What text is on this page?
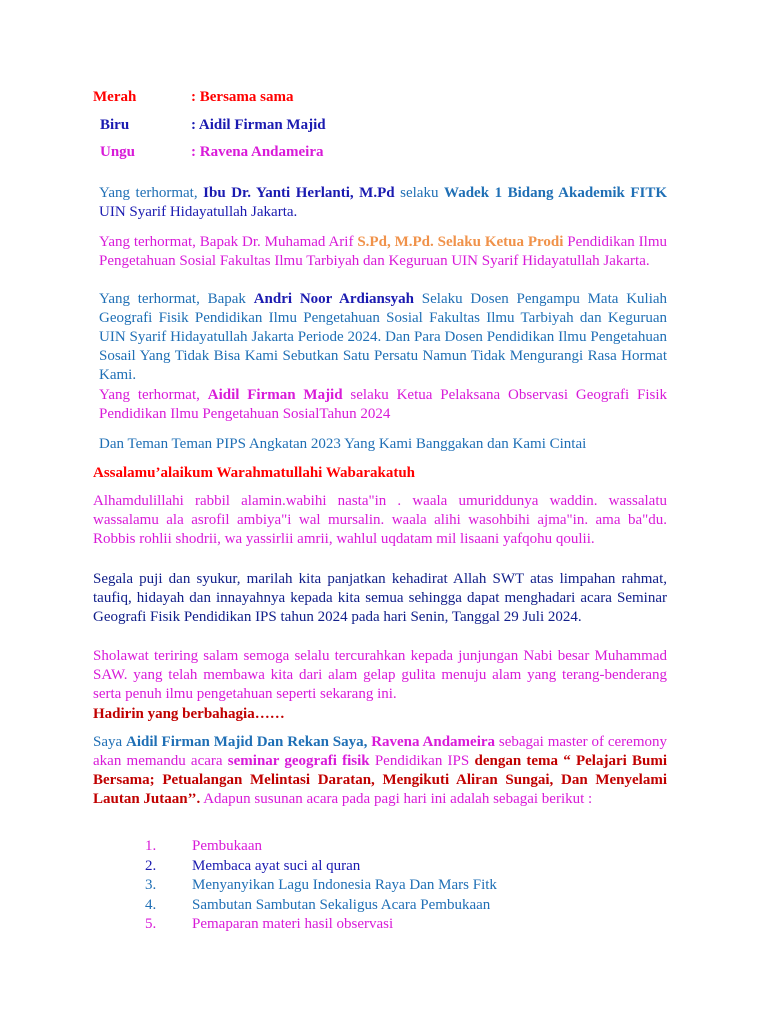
Merah	: Bersama sama
Biru	: Aidil Firman Majid
Ungu	: Ravena Andameira
Yang terhormat, Ibu Dr. Yanti Herlanti, M.Pd selaku Wadek 1 Bidang Akademik FITK UIN Syarif Hidayatullah Jakarta.
Yang terhormat, Bapak Dr. Muhamad Arif S.Pd, M.Pd. Selaku Ketua Prodi Pendidikan Ilmu Pengetahuan Sosial Fakultas Ilmu Tarbiyah dan Keguruan UIN Syarif Hidayatullah Jakarta.
Yang terhormat, Bapak Andri Noor Ardiansyah Selaku Dosen Pengampu Mata Kuliah Geografi Fisik Pendidikan Ilmu Pengetahuan Sosial Fakultas Ilmu Tarbiyah dan Keguruan UIN Syarif Hidayatullah Jakarta Periode 2024. Dan Para Dosen Pendidikan Ilmu Pengetahuan Sosail Yang Tidak Bisa Kami Sebutkan Satu Persatu Namun Tidak Mengurangi Rasa Hormat Kami.
Yang terhormat, Aidil Firman Majid selaku Ketua Pelaksana Observasi Geografi Fisik Pendidikan Ilmu Pengetahuan SosialTahun 2024
Dan Teman Teman PIPS Angkatan 2023 Yang Kami Banggakan dan Kami Cintai
Assalamu’alaikum Warahmatullahi Wabarakatuh
Alhamdulillahi rabbil alamin.wabihi nasta"in . waala umuriddunya waddin. wassalatu wassalamu ala asrofil ambiya"i wal mursalin. waala alihi wasohbihi ajma"in. ama ba"du. Robbis rohlii shodrii, wa yassirlii amrii, wahlul uqdatam mil lisaani yafqohu qoulii.
Segala puji dan syukur, marilah kita panjatkan kehadirat Allah SWT atas limpahan rahmat, taufiq, hidayah dan innayahnya kepada kita semua sehingga dapat menghadari acara Seminar Geografi Fisik Pendidikan IPS tahun 2024 pada hari Senin, Tanggal 29 Juli 2024.
Sholawat teriring salam semoga selalu tercurahkan kepada junjungan Nabi besar Muhammad SAW. yang telah membawa kita dari alam gelap gulita menuju alam yang terang-benderang serta penuh ilmu pengetahuan seperti sekarang ini.
Hadirin yang berbahagia……
Saya Aidil Firman Majid Dan Rekan Saya, Ravena Andameira sebagai master of ceremony akan memandu acara seminar geografi fisik Pendidikan IPS dengan tema “ Pelajari Bumi Bersama; Petualangan Melintasi Daratan, Mengikuti Aliran Sungai, Dan Menyelami Lautan Jutaan’’. Adapun susunan acara pada pagi hari ini adalah sebagai berikut :
1. Pembukaan
2. Membaca ayat suci al quran
3. Menyanyikan Lagu Indonesia Raya Dan Mars Fitk
4. Sambutan Sambutan Sekaligus Acara Pembukaan
5. Pemaparan materi hasil observasi
